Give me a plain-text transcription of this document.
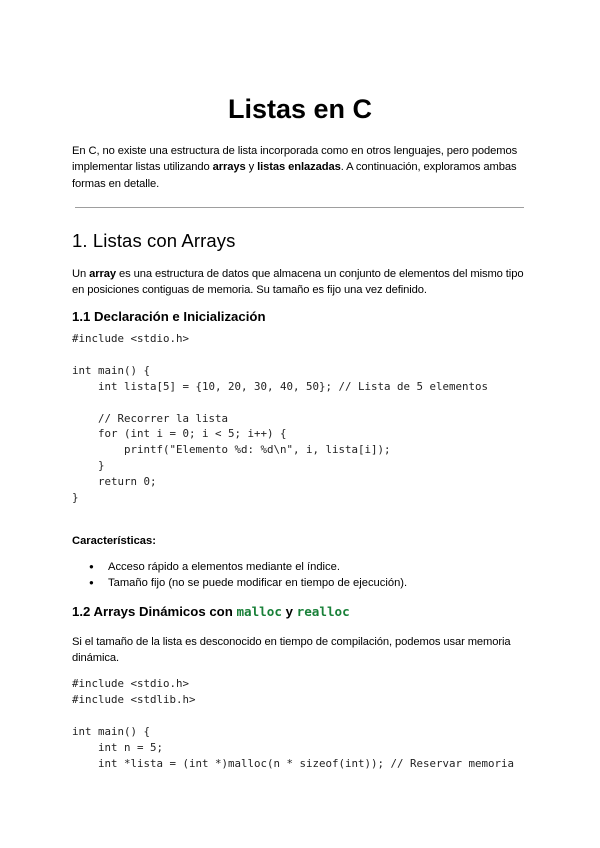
Listas en C

En C, no existe una estructura de lista incorporada como en otros lenguajes, pero podemos implementar listas utilizando arrays y listas enlazadas. A continuación, exploramos ambas formas en detalle.

1. Listas con Arrays

Un array es una estructura de datos que almacena un conjunto de elementos del mismo tipo en posiciones contiguas de memoria. Su tamaño es fijo una vez definido.

1.1 Declaración e Inicialización
#include <stdio.h>

int main() {
int lista[5] = {10, 20, 30, 40, 50}; // Lista de 5 elementos

// Recorrer la lista
for (int i = 0; i < 5; i++) {
printf("Elemento %d: %d\n", i, lista[i]);
}
return 0;
}
Características:
● Acceso rápido a elementos mediante el índice.
● Tamaño fijo (no se puede modificar en tiempo de ejecución).
1.2 Arrays Dinámicos con malloc y realloc

Si el tamaño de la lista es desconocido en tiempo de compilación, podemos usar memoria dinámica.

#include <stdio.h>
#include <stdlib.h>

int main() {
int n = 5;
int *lista = (int *)malloc(n * sizeof(int)); // Reservar memoria
